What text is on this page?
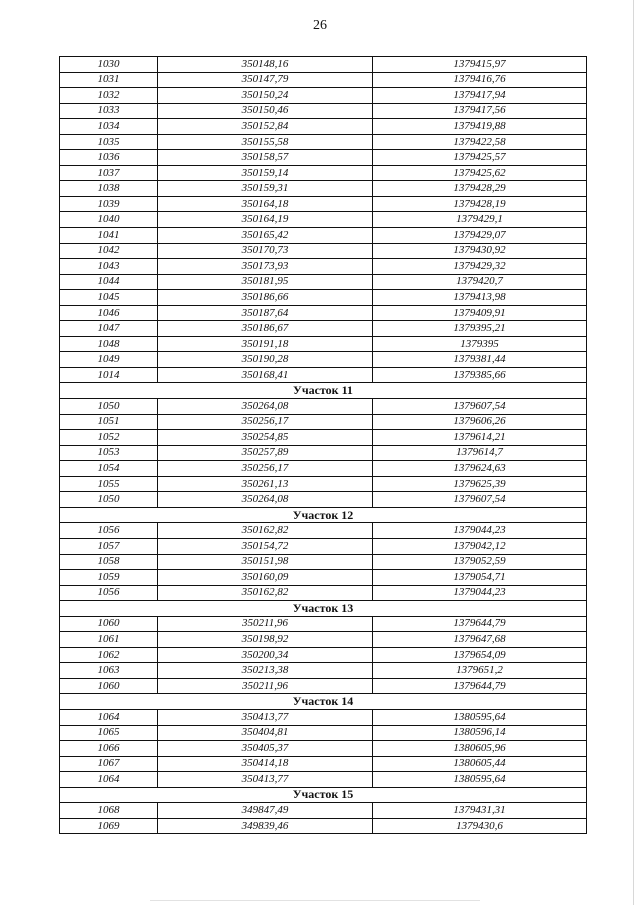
26
1030	350148,16	1379415,97
1031	350147,79	1379416,76
1032	350150,24	1379417,94
1033	350150,46	1379417,56
1034	350152,84	1379419,88
1035	350155,58	1379422,58
1036	350158,57	1379425,57
1037	350159,14	1379425,62
1038	350159,31	1379428,29
1039	350164,18	1379428,19
1040	350164,19	1379429,1
1041	350165,42	1379429,07
1042	350170,73	1379430,92
1043	350173,93	1379429,32
1044	350181,95	1379420,7
1045	350186,66	1379413,98
1046	350187,64	1379409,91
1047	350186,67	1379395,21
1048	350191,18	1379395
1049	350190,28	1379381,44
1014	350168,41	1379385,66
Участок 11		
1050	350264,08	1379607,54
1051	350256,17	1379606,26
1052	350254,85	1379614,21
1053	350257,89	1379614,7
1054	350256,17	1379624,63
1055	350261,13	1379625,39
1050	350264,08	1379607,54
Участок 12		
1056	350162,82	1379044,23
1057	350154,72	1379042,12
1058	350151,98	1379052,59
1059	350160,09	1379054,71
1056	350162,82	1379044,23
Участок 13		
1060	350211,96	1379644,79
1061	350198,92	1379647,68
1062	350200,34	1379654,09
1063	350213,38	1379651,2
1060	350211,96	1379644,79
Участок 14		
1064	350413,77	1380595,64
1065	350404,81	1380596,14
1066	350405,37	1380605,96
1067	350414,18	1380605,44
1064	350413,77	1380595,64
Участок 15		
1068	349847,49	1379431,31
1069	349839,46	1379430,6
